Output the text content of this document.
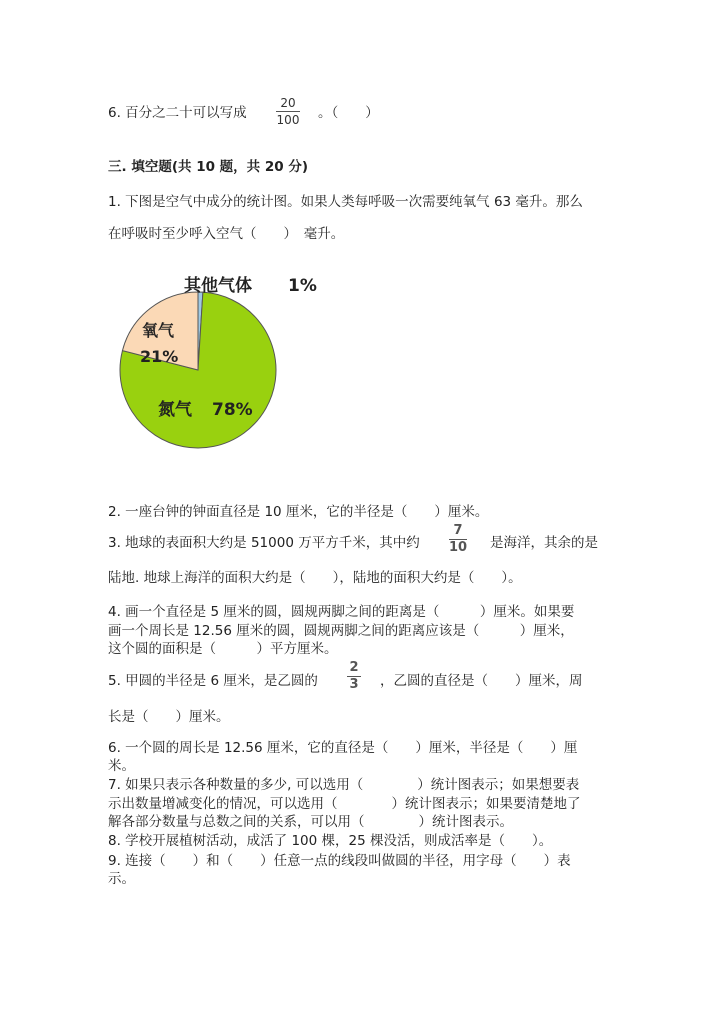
6. 百分之二十可以写成
20
100 。（　　）
三. 填空题(共 10 题，共 20 分)
1. 下图是空气中成分的统计图。如果人类每呼吸一次需要纯氧气 63 毫升。那么
在呼吸时至少呼入空气（　　）　毫升。
其他气体 1%
氧气
21%
氮气 78%
2. 一座台钟的钟面直径是 10 厘米，它的半径是（　　）厘米。
3. 地球的表面积大约是 51000 万平方千米，其中约
7
10 是海洋，其余的是
陆地. 地球上海洋的面积大约是（　　），陆地的面积大约是（　　）。
4. 画一个直径是 5 厘米的圆，圆规两脚之间的距离是（　　　）厘米。如果要
画一个周长是 12.56 厘米的圆，圆规两脚之间的距离应该是（　　　）厘米，
这个圆的面积是（　　　）平方厘米。
5. 甲圆的半径是 6 厘米，是乙圆的
2
3 ，乙圆的直径是（　　）厘米，周
长是（　　）厘米。
6. 一个圆的周长是 12.56 厘米，它的直径是（　　）厘米，半径是（　　）厘
米。
7. 如果只表示各种数量的多少, 可以选用（　　　　）统计图表示；如果想要表
示出数量增减变化的情况，可以选用（　　　　）统计图表示；如果要清楚地了
解各部分数量与总数之间的关系，可以用（　　　　）统计图表示。
8. 学校开展植树活动，成活了 100 棵，25 棵没活，则成活率是（　　）。
9. 连接（　　）和（　　）任意一点的线段叫做圆的半径，用字母（　　）表
示。
